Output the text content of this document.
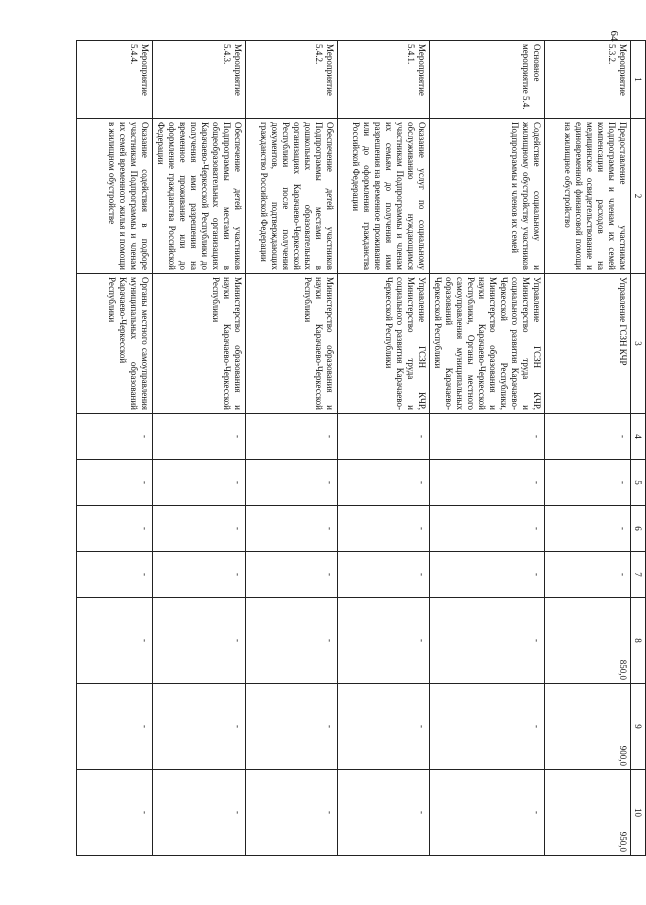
64
1	2	3	4	5	6	7	8	9	10
Мероприятие 5.3.2.	Предоставление участникам Подпрограммы и членам их семей компенсации расходов на медицинское освидетельствование и единовременной финансовой помощи на жилищное обустройство	Управление ГСЗН КЧР	-	-	-	-	850,0	900,0	950,0
Основное мероприятие 5.4.	Содействие социальному и жилищному обустройству участников Подпрограммы и членов их семей	Управление ГСЗН КЧР, Министерство труда и социального развития Карачаево-Черкесской Республики, Министерство образования и науки Карачаево-Черкесской Республики, Органы местного самоуправления муниципальных образований Карачаево-Черкесской Республики	-	-	-	-	-	-	-
Мероприятие 5.4.1.	Оказание услуг по социальному обслуживанию нуждающимся участникам Подпрограммы и членам их семьям до получения ими разрешения на временное проживание или до оформления гражданства Российской Федерации	Управление ГСЗН КЧР, Министерство труда и социального развития Карачаево-Черкесской Республики	-	-	-	-	-	-	-
Мероприятие 5.4.2.	Обеспечение детей участников Подпрограммы местами в дошкольных образовательных организациях Карачаево-Черкесской Республики после получения документов, подтверждающих гражданство Российской Федерации	Министерство образования и науки Карачаево-Черкесской Республики	-	-	-	-	-	-	-
Мероприятие 5.4.3.	Обеспечение детей участников Подпрограммы местами в общеобразовательных организациях Карачаево-Черкесской Республики до получения ими разрешения на временное проживание или до оформление гражданства Российской Федерации	Министерство образования и науки Карачаево-Черкесской Республики	-	-	-	-	-	-	-
Мероприятие 5.4.4.	Оказание содействия в подборе участникам Подпрограммы и членам их семей временного жилья и помощи в жилищном обустройстве	Органы местного самоуправления муниципальных образований Карачаево-Черкесской Республики	-	-	-	-	-	-	-
